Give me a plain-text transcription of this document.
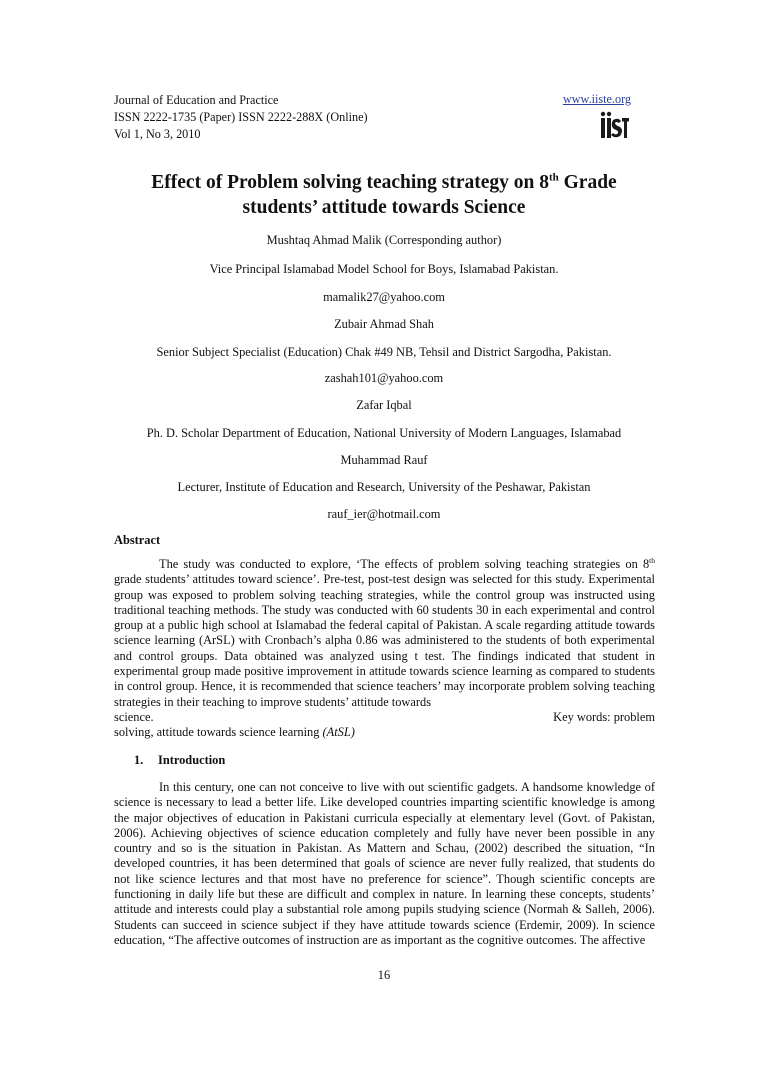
Journal of Education and Practice
ISSN 2222-1735 (Paper) ISSN 2222-288X (Online)
Vol 1, No 3, 2010
www.iiste.org
Effect of Problem solving teaching strategy on 8th Grade
students’ attitude towards Science
Mushtaq Ahmad Malik (Corresponding author)
Vice Principal Islamabad Model School for Boys, Islamabad Pakistan.
mamalik27@yahoo.com
Zubair Ahmad Shah
Senior Subject Specialist (Education) Chak #49 NB, Tehsil and District Sargodha, Pakistan.
zashah101@yahoo.com
Zafar Iqbal
Ph. D. Scholar Department of Education, National University of Modern Languages, Islamabad
Muhammad Rauf
Lecturer, Institute of Education and Research, University of the Peshawar, Pakistan
rauf_ier@hotmail.com
Abstract
The study was conducted to explore, ‘The effects of problem solving teaching strategies on 8th grade students’ attitudes toward science’. Pre-test, post-test design was selected for this study. Experimental group was exposed to problem solving teaching strategies, while the control group was instructed using traditional teaching methods. The study was conducted with 60 students 30 in each experimental and control group at a public high school at Islamabad the federal capital of Pakistan. A scale regarding attitude towards science learning (ArSL) with Cronbach’s alpha 0.86 was administered to the students of both experimental and control groups. Data obtained was analyzed using t test. The findings indicated that student in experimental group made positive improvement in attitude towards science learning as compared to students in control group. Hence, it is recommended that science teachers’ may incorporate problem solving teaching strategies in their teaching to improve students’ attitude towards
science.	Key words: problem
solving, attitude towards science learning (AtSL)
1. Introduction
In this century, one can not conceive to live with out scientific gadgets. A handsome knowledge of science is necessary to lead a better life. Like developed countries imparting scientific knowledge is among the major objectives of education in Pakistani curricula especially at elementary level (Govt. of Pakistan, 2006). Achieving objectives of science education completely and fully have never been possible in any country and so is the situation in Pakistan. As Mattern and Schau, (2002) described the situation, “In developed countries, it has been determined that goals of science are never fully realized, that students do not like science lectures and that most have no preference for science”. Though scientific concepts are functioning in daily life but these are difficult and complex in nature. In learning these concepts, students’ attitude and interests could play a substantial role among pupils studying science (Normah & Salleh, 2006). Students can succeed in science subject if they have attitude towards science (Erdemir, 2009). In science education, “The affective outcomes of instruction are as important as the cognitive outcomes. The affective
16
